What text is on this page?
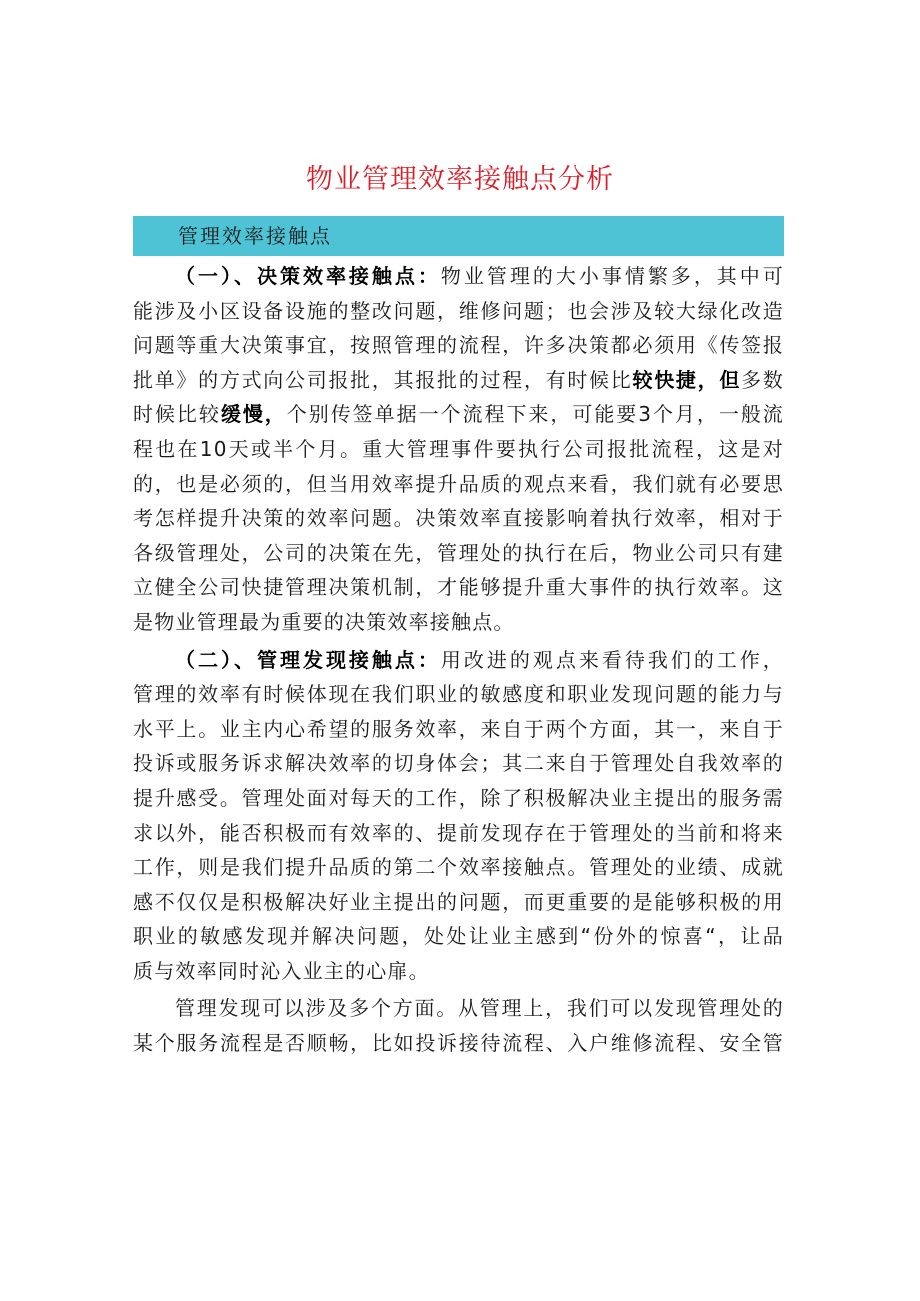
物业管理效率接触点分析
管理效率接触点
（一）、决策效率接触点：物业管理的大小事情繁多，其中可
能涉及小区设备设施的整改问题，维修问题；也会涉及较大绿化改造
问题等重大决策事宜，按照管理的流程，许多决策都必须用《传签报
批单》的方式向公司报批，其报批的过程，有时候比较快捷，但多数
时候比较缓慢，个别传签单据一个流程下来，可能要3个月，一般流
程也在10天或半个月。重大管理事件要执行公司报批流程，这是对
的，也是必须的，但当用效率提升品质的观点来看，我们就有必要思
考怎样提升决策的效率问题。决策效率直接影响着执行效率，相对于
各级管理处，公司的决策在先，管理处的执行在后，物业公司只有建
立健全公司快捷管理决策机制，才能够提升重大事件的执行效率。这
是物业管理最为重要的决策效率接触点。
（二）、管理发现接触点：用改进的观点来看待我们的工作，
管理的效率有时候体现在我们职业的敏感度和职业发现问题的能力与
水平上。业主内心希望的服务效率，来自于两个方面，其一，来自于
投诉或服务诉求解决效率的切身体会；其二来自于管理处自我效率的
提升感受。管理处面对每天的工作，除了积极解决业主提出的服务需
求以外，能否积极而有效率的、提前发现存在于管理处的当前和将来
工作，则是我们提升品质的第二个效率接触点。管理处的业绩、成就
感不仅仅是积极解决好业主提出的问题，而更重要的是能够积极的用
职业的敏感发现并解决问题，处处让业主感到“份外的惊喜“，让品
质与效率同时沁入业主的心扉。
管理发现可以涉及多个方面。从管理上，我们可以发现管理处的
某个服务流程是否顺畅，比如投诉接待流程、入户维修流程、安全管
